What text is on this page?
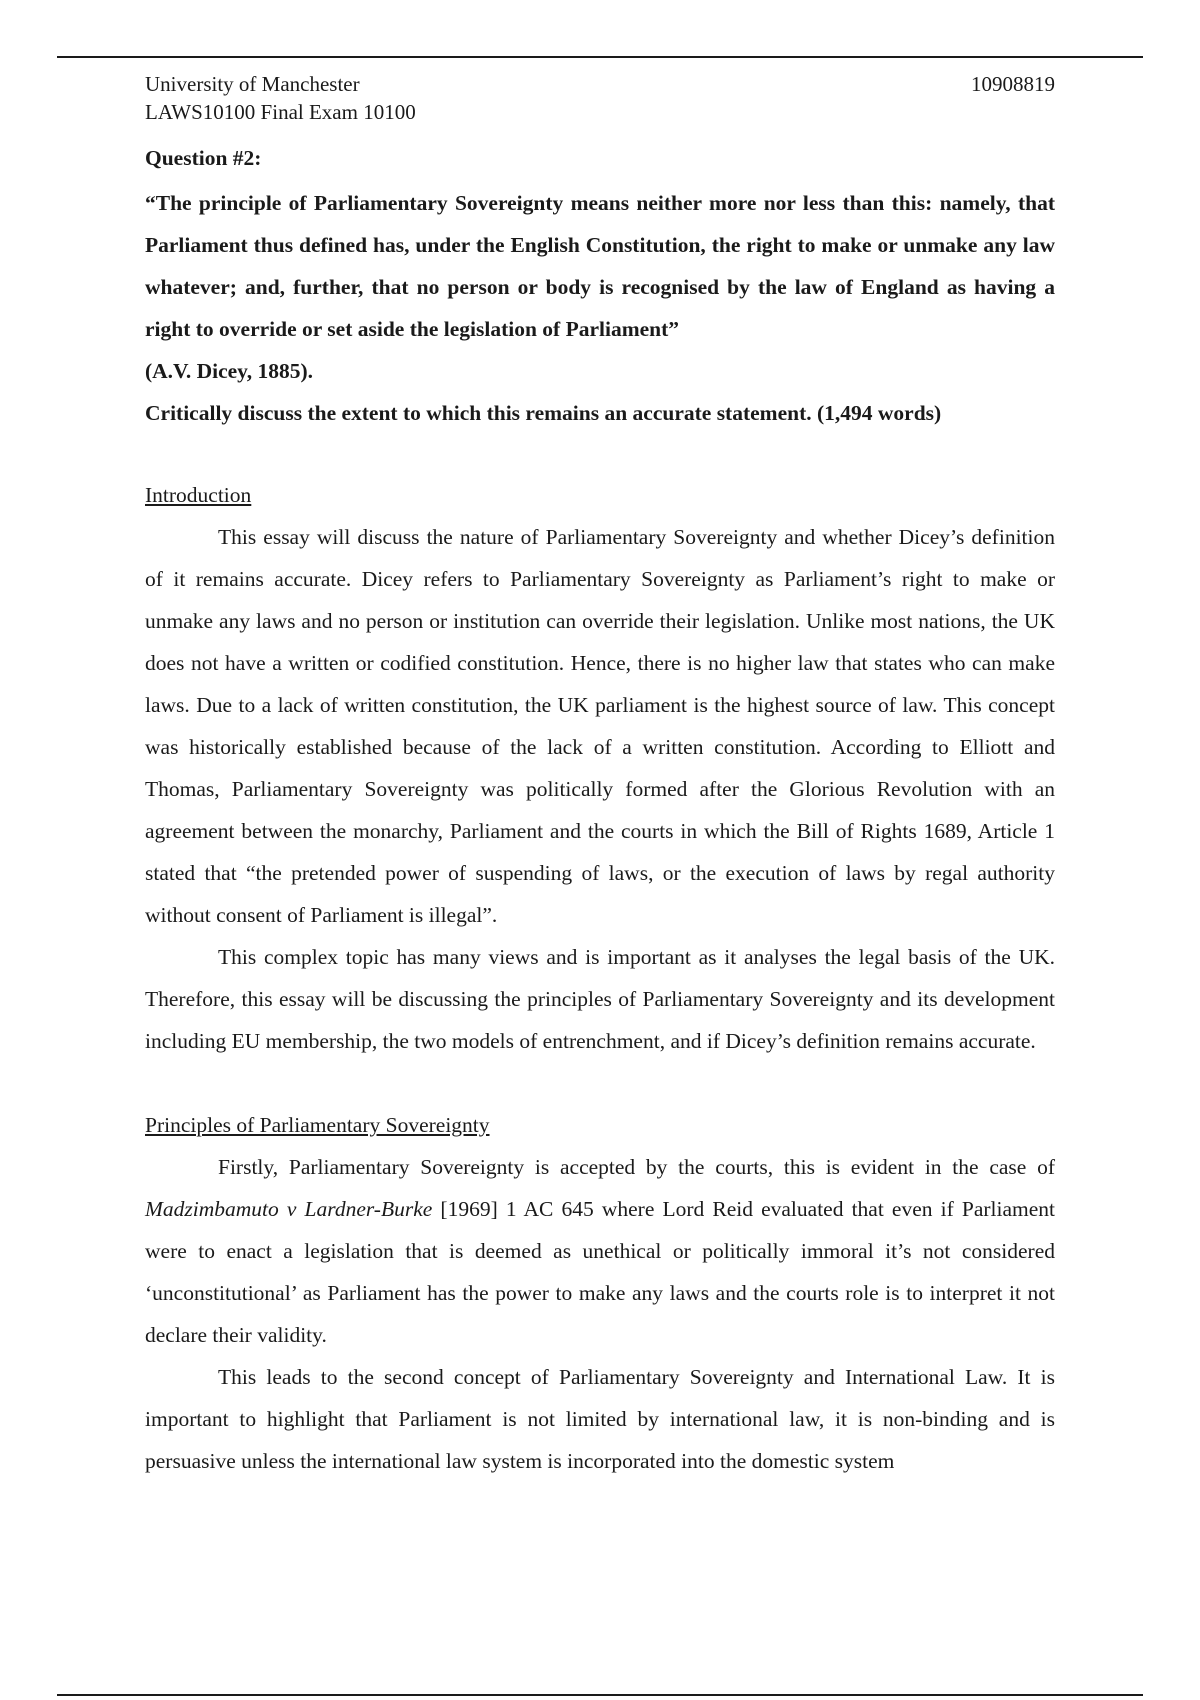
University of Manchester	10908819
LAWS10100 Final Exam 10100

Question #2:

“The principle of Parliamentary Sovereignty means neither more nor less than this: namely, that Parliament thus defined has, under the English Constitution, the right to make or unmake any law whatever; and, further, that no person or body is recognised by the law of England as having a right to override or set aside the legislation of Parliament”

(A.V. Dicey, 1885).

Critically discuss the extent to which this remains an accurate statement. (1,494 words)

Introduction

This essay will discuss the nature of Parliamentary Sovereignty and whether Dicey’s definition of it remains accurate. Dicey refers to Parliamentary Sovereignty as Parliament’s right to make or unmake any laws and no person or institution can override their legislation. Unlike most nations, the UK does not have a written or codified constitution. Hence, there is no higher law that states who can make laws. Due to a lack of written constitution, the UK parliament is the highest source of law. This concept was historically established because of the lack of a written constitution. According to Elliott and Thomas, Parliamentary Sovereignty was politically formed after the Glorious Revolution with an agreement between the monarchy, Parliament and the courts in which the Bill of Rights 1689, Article 1 stated that “the pretended power of suspending of laws, or the execution of laws by regal authority without consent of Parliament is illegal”.

This complex topic has many views and is important as it analyses the legal basis of the UK. Therefore, this essay will be discussing the principles of Parliamentary Sovereignty and its development including EU membership, the two models of entrenchment, and if Dicey’s definition remains accurate.

Principles of Parliamentary Sovereignty

Firstly, Parliamentary Sovereignty is accepted by the courts, this is evident in the case of Madzimbamuto v Lardner-Burke [1969] 1 AC 645 where Lord Reid evaluated that even if Parliament were to enact a legislation that is deemed as unethical or politically immoral it’s not considered ‘unconstitutional’ as Parliament has the power to make any laws and the courts role is to interpret it not declare their validity.

This leads to the second concept of Parliamentary Sovereignty and International Law. It is important to highlight that Parliament is not limited by international law, it is non-binding and is persuasive unless the international law system is incorporated into the domestic system
